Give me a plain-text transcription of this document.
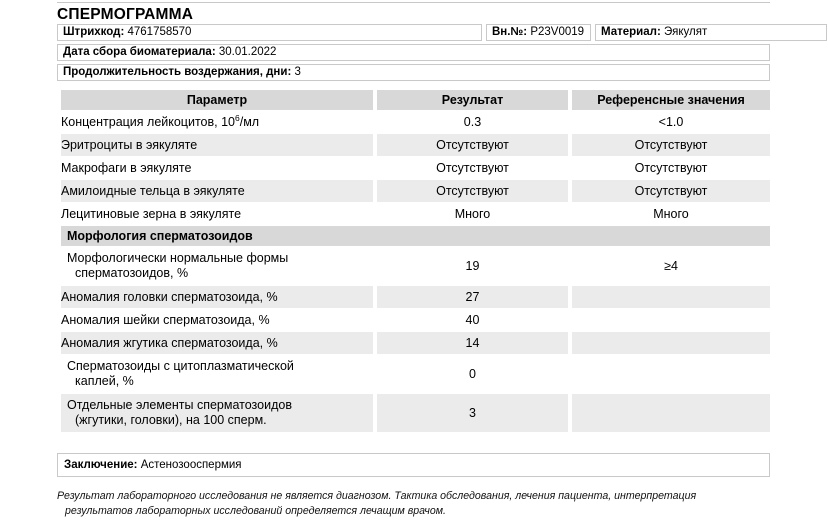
СПЕРМОГРАММА
Штрихкод: 4761758570	Вн.№: P23V0019	Материал: Эякулят
Дата сбора биоматериала: 30.01.2022
Продолжительность воздержания, дни: 3
Параметр	Результат	Референсные значения
Концентрация лейкоцитов, $10^6/мл$	0.3	<1.0
Эритроциты в эякуляте	Отсутствуют	Отсутствуют
Макрофаги в эякуляте	Отсутствуют	Отсутствуют
Амилоидные тельца в эякуляте	Отсутствуют	Отсутствуют
Лецитиновые зерна в эякуляте	Много	Много
Морфология сперматозоидов		

Морфологически нормальные формы
сперматозоидов, %	19	≥4
Аномалия головки сперматозоида, %	27	
Аномалия шейки сперматозоида, %	40	
Аномалия жгутика сперматозоида, %	14	

Сперматозоиды с цитоплазматической
каплей, %	0	

Отдельные элементы сперматозоидов
(жгутики, головки), на 100 сперм.	3	
Заключение: Астенозооспермия
Результат лабораторного исследования не является диагнозом. Тактика обследования, лечения пациента, интерпретация
результатов лабораторных исследований определяется лечащим врачом.
